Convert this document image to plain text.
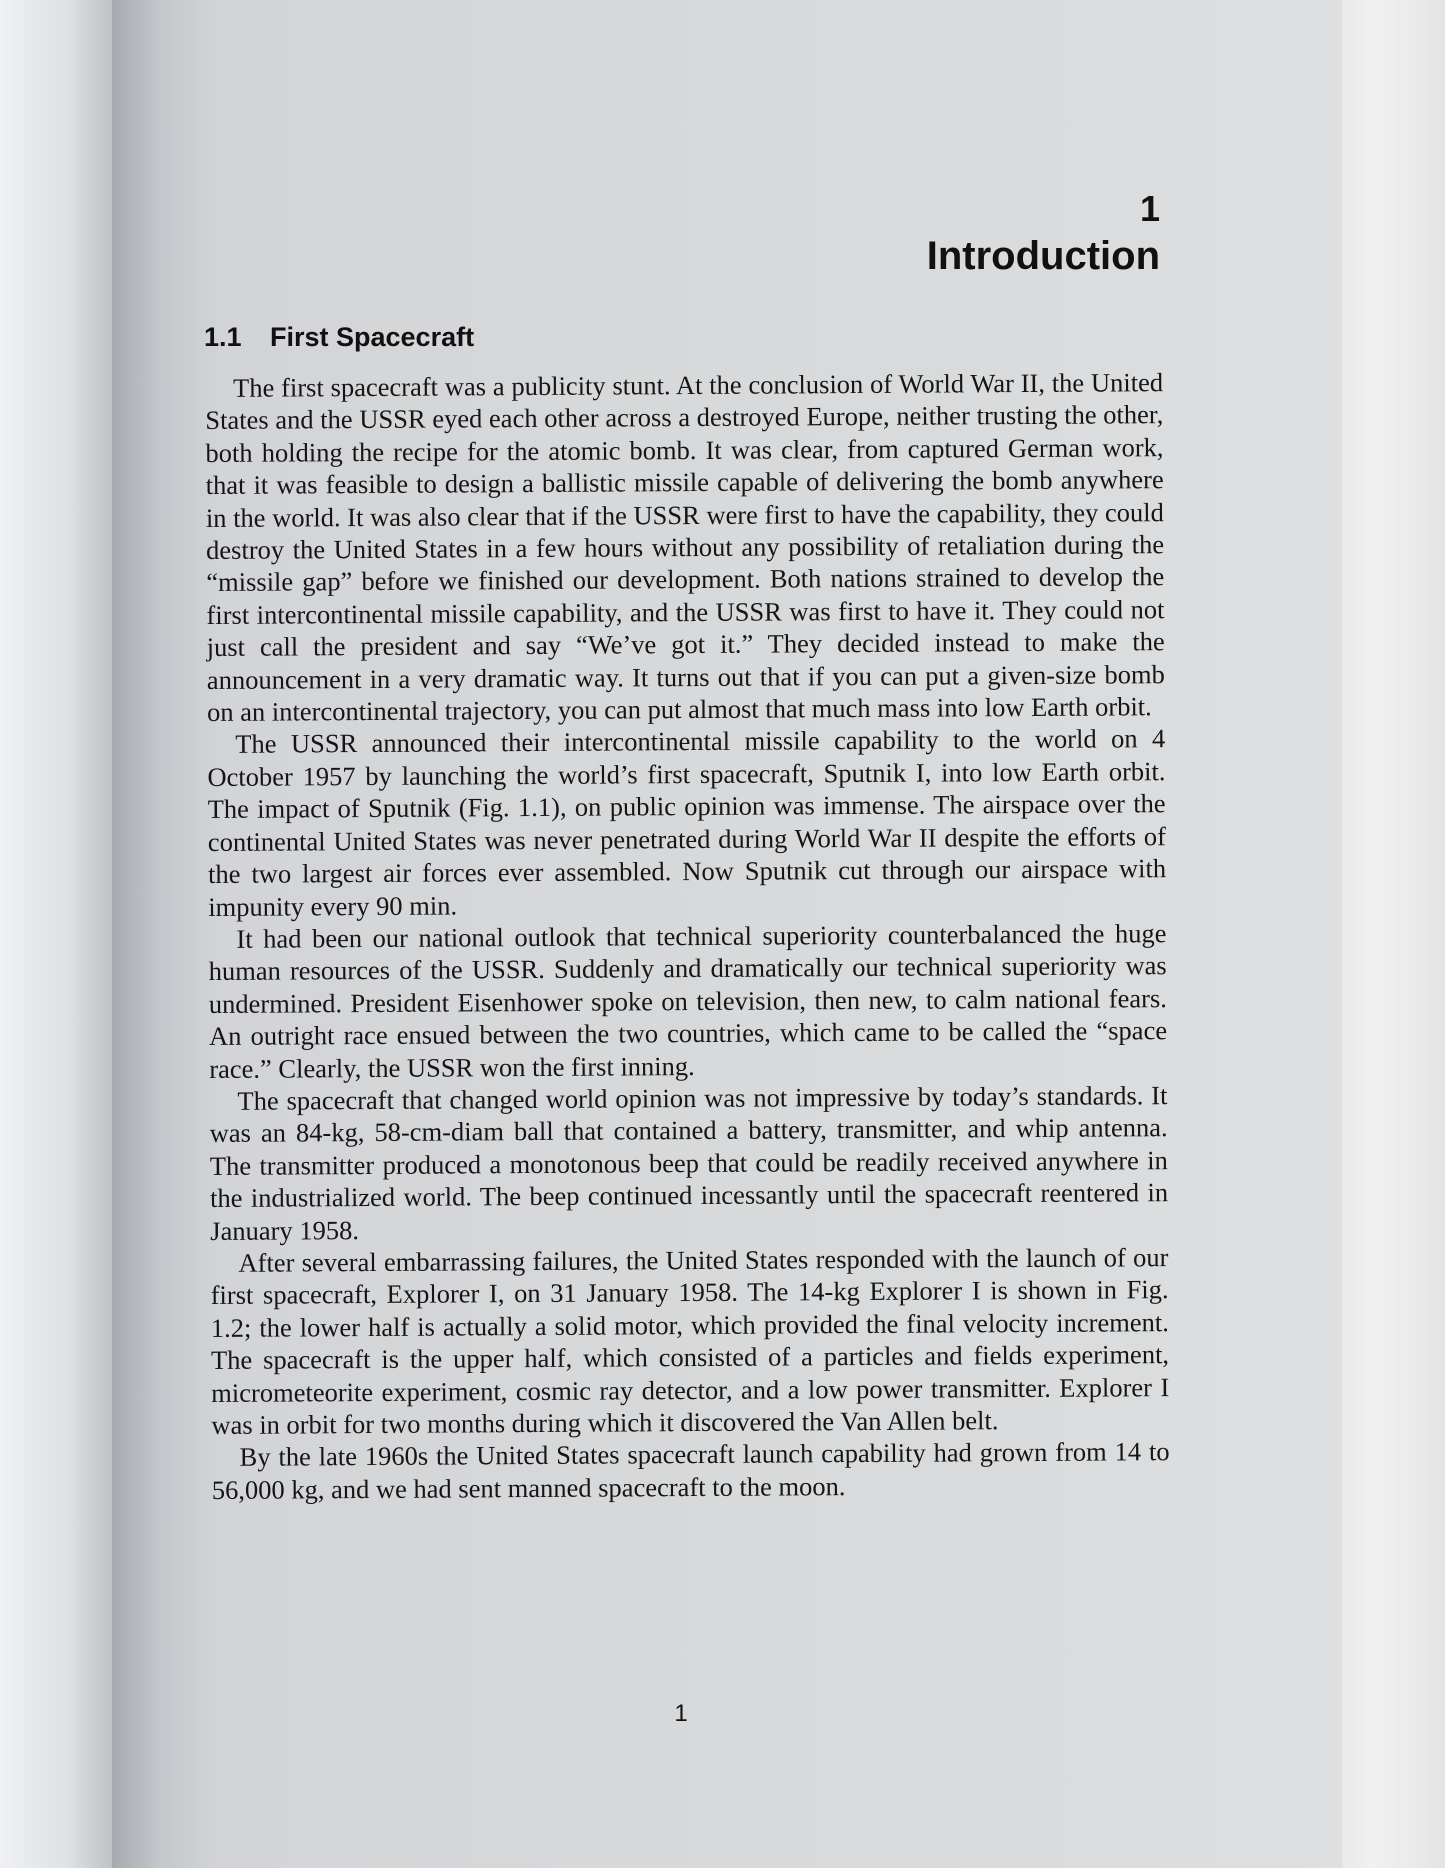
1
Introduction
1.1 First Spacecraft

The first spacecraft was a publicity stunt. At the conclusion of World War II, the United States and the USSR eyed each other across a destroyed Europe, neither trusting the other, both holding the recipe for the atomic bomb. It was clear, from captured German work, that it was feasible to design a ballistic missile capable of delivering the bomb anywhere in the world. It was also clear that if the USSR were first to have the capability, they could destroy the United States in a few hours without any possibility of retaliation during the “missile gap” before we finished our development. Both nations strained to develop the first intercontinental missile capability, and the USSR was first to have it. They could not just call the president and say “We’ve got it.” They decided instead to make the announcement in a very dramatic way. It turns out that if you can put a given-size bomb on an intercontinental trajectory, you can put almost that much mass into low Earth orbit.

The USSR announced their intercontinental missile capability to the world on 4 October 1957 by launching the world’s first spacecraft, Sputnik I, into low Earth orbit. The impact of Sputnik (Fig. 1.1), on public opinion was immense. The airspace over the continental United States was never penetrated during World War II despite the efforts of the two largest air forces ever assembled. Now Sputnik cut through our airspace with impunity every 90 min.

It had been our national outlook that technical superiority counterbalanced the huge human resources of the USSR. Suddenly and dramatically our technical superiority was undermined. President Eisenhower spoke on television, then new, to calm national fears. An outright race ensued between the two countries, which came to be called the “space race.” Clearly, the USSR won the first inning.

The spacecraft that changed world opinion was not impressive by today’s standards. It was an 84-kg, 58-cm-diam ball that contained a battery, transmitter, and whip antenna. The transmitter produced a monotonous beep that could be readily received anywhere in the industrialized world. The beep continued incessantly until the spacecraft reentered in January 1958.

After several embarrassing failures, the United States responded with the launch of our first spacecraft, Explorer I, on 31 January 1958. The 14-kg Explorer I is shown in Fig. 1.2; the lower half is actually a solid motor, which provided the final velocity increment. The spacecraft is the upper half, which consisted of a particles and fields experiment, micrometeorite experiment, cosmic ray detector, and a low power transmitter. Explorer I was in orbit for two months during which it discovered the Van Allen belt.

By the late 1960s the United States spacecraft launch capability had grown from 14 to 56,000 kg, and we had sent manned spacecraft to the moon.

1
